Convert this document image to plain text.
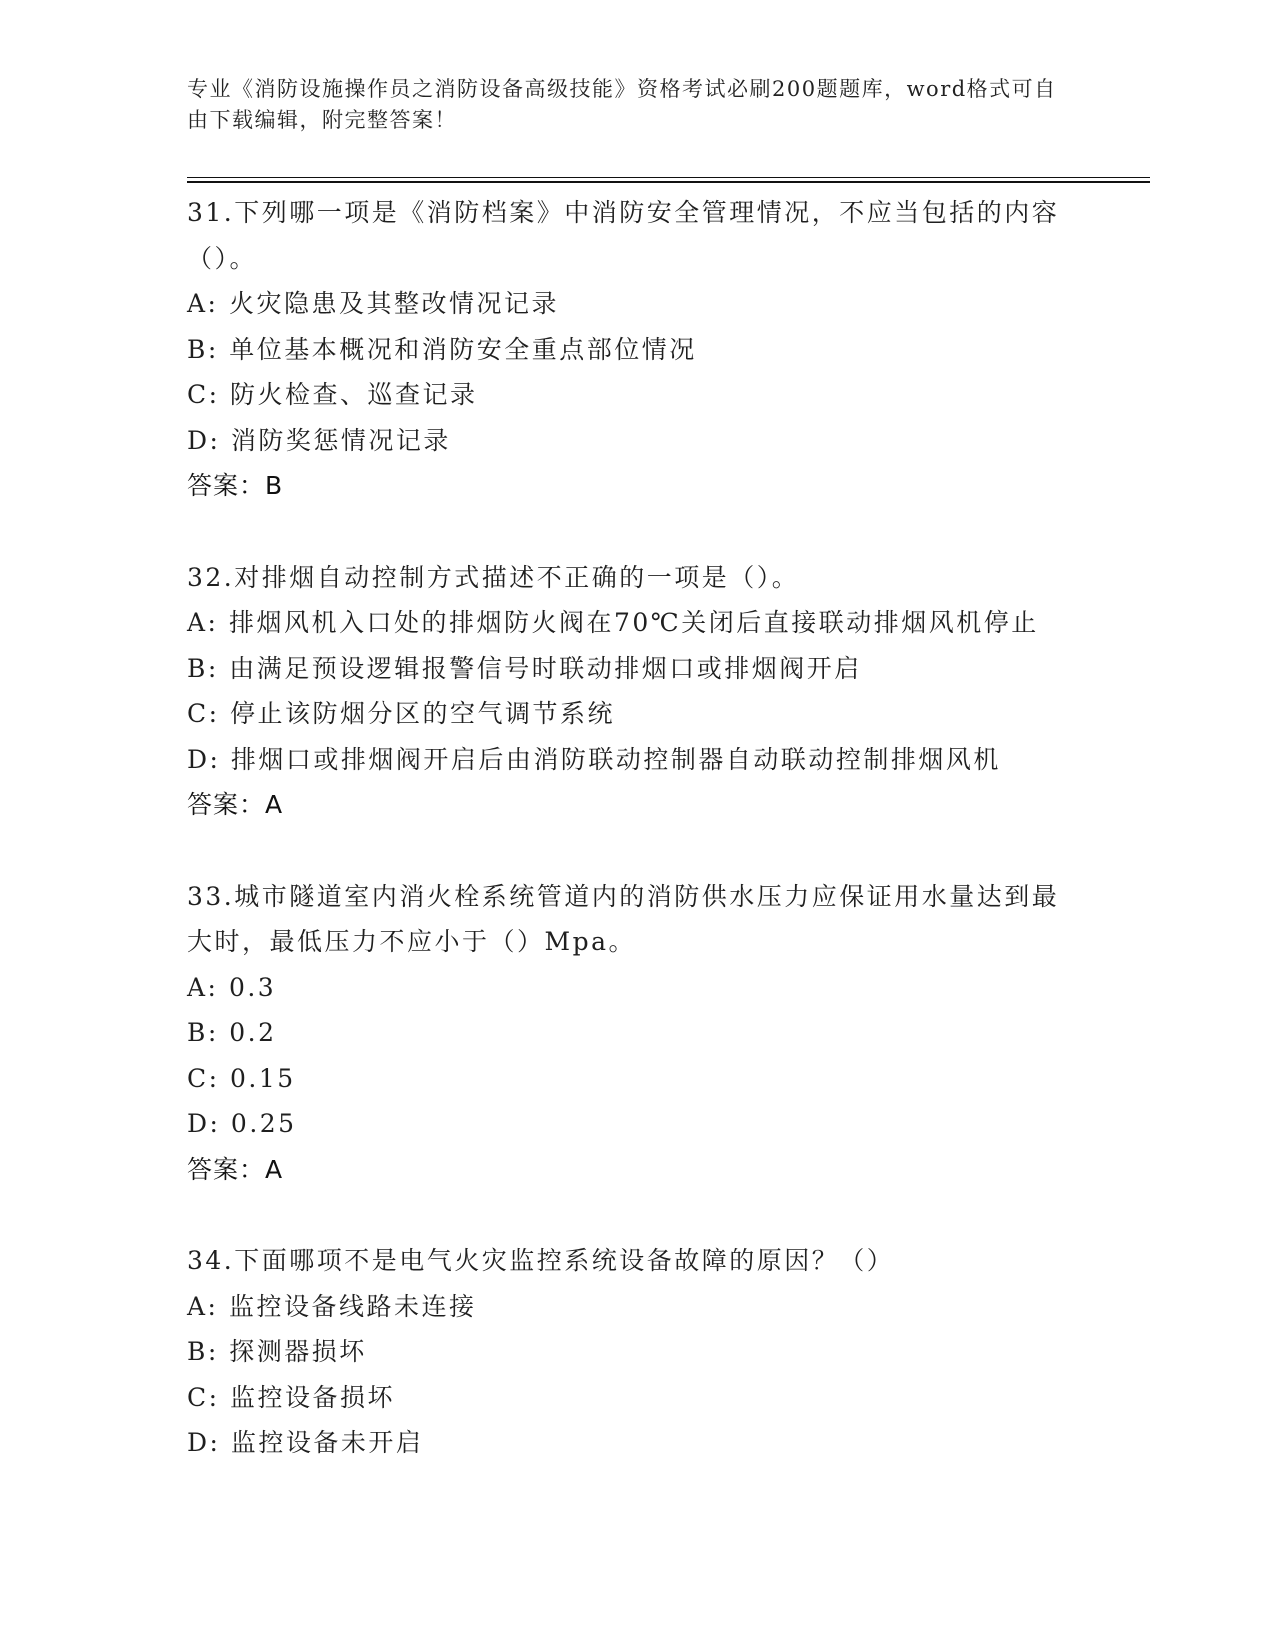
专业《消防设施操作员之消防设备高级技能》资格考试必刷200题题库，word格式可自由下载编辑，附完整答案！
31.下列哪一项是《消防档案》中消防安全管理情况，不应当包括的内容（）。
A: 火灾隐患及其整改情况记录
B: 单位基本概况和消防安全重点部位情况
C: 防火检查、巡查记录
D: 消防奖惩情况记录
答案：B
32.对排烟自动控制方式描述不正确的一项是（）。
A: 排烟风机入口处的排烟防火阀在70℃关闭后直接联动排烟风机停止
B: 由满足预设逻辑报警信号时联动排烟口或排烟阀开启
C: 停止该防烟分区的空气调节系统
D: 排烟口或排烟阀开启后由消防联动控制器自动联动控制排烟风机
答案：A
33.城市隧道室内消火栓系统管道内的消防供水压力应保证用水量达到最大时，最低压力不应小于（）Mpa。
A: 0.3
B: 0.2
C: 0.15
D: 0.25
答案：A
34.下面哪项不是电气火灾监控系统设备故障的原因？（）
A: 监控设备线路未连接
B: 探测器损坏
C: 监控设备损坏
D: 监控设备未开启
